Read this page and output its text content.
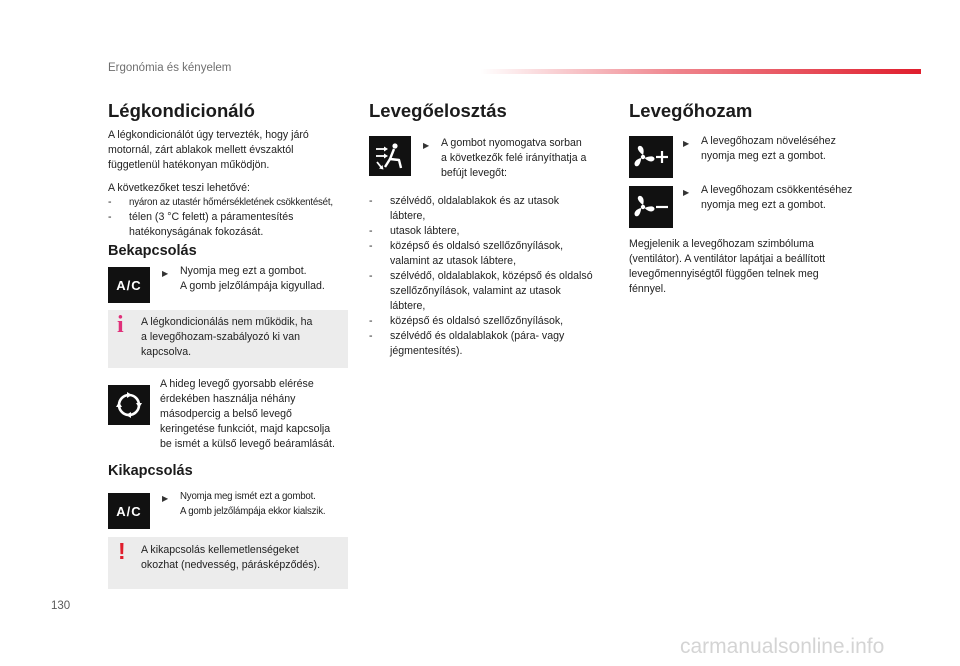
Ergonómia és kényelem
Légkondicionáló
A légkondicionálót úgy tervezték, hogy járó
motornál, zárt ablakok mellett évszaktól
függetlenül hatékonyan működjön.
A következőket teszi lehetővé:
- nyáron az utastér hőmérsékletének csökkentését,
- télen (3 °C felett) a páramentesítés
hatékonyságának fokozását.
Bekapcsolás
A/C
▶ Nyomja meg ezt a gombot.
A gomb jelzőlámpája kigyullad.
i A légkondicionálás nem működik, ha
a levegőhozam-szabályozó ki van
kapcsolva.
A hideg levegő gyorsabb elérése
érdekében használja néhány
másodpercig a belső levegő
keringetése funkciót, majd kapcsolja
be ismét a külső levegő beáramlását.
Kikapcsolás
A/C
▶ Nyomja meg ismét ezt a gombot.
A gomb jelzőlámpája ekkor kialszik.
! A kikapcsolás kellemetlenségeket
okozhat (nedvesség, párásképződés).
Levegőelosztás
▶ A gombot nyomogatva sorban
a következők felé irányíthatja a
befújt levegőt:
- szélvédő, oldalablakok és az utasok
lábtere,
- utasok lábtere,
- középső és oldalsó szellőzőnyílások,
valamint az utasok lábtere,
- szélvédő, oldalablakok, középső és oldalsó
szellőzőnyílások, valamint az utasok
lábtere,
- középső és oldalsó szellőzőnyílások,
- szélvédő és oldalablakok (pára- vagy
jégmentesítés).
Levegőhozam
▶ A levegőhozam növeléséhez
nyomja meg ezt a gombot.
▶ A levegőhozam csökkentéséhez
nyomja meg ezt a gombot.
Megjelenik a levegőhozam szimbóluma
(ventilátor). A ventilátor lapátjai a beállított
levegőmennyiségtől függően telnek meg
fénnyel.
130
carmanualsonline.info
